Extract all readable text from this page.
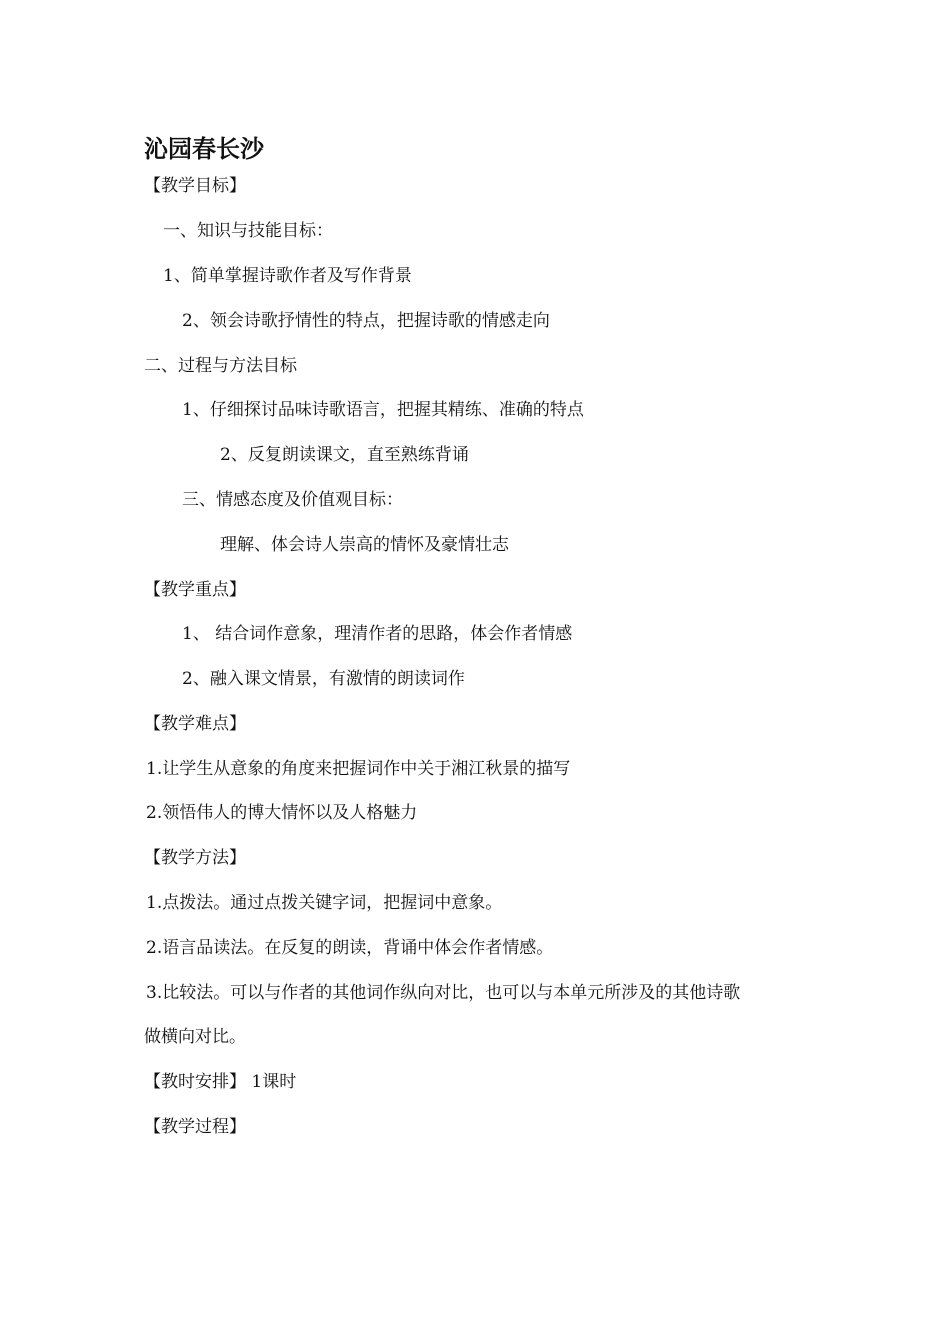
沁园春长沙
【教学目标】
一、知识与技能目标：
1、简单掌握诗歌作者及写作背景
2、领会诗歌抒情性的特点，把握诗歌的情感走向
二、过程与方法目标
1、仔细探讨品味诗歌语言，把握其精练、准确的特点
2、反复朗读课文，直至熟练背诵
三、情感态度及价值观目标：
理解、体会诗人崇高的情怀及豪情壮志
【教学重点】
1、 结合词作意象，理清作者的思路，体会作者情感
2、融入课文情景，有激情的朗读词作
【教学难点】
1.让学生从意象的角度来把握词作中关于湘江秋景的描写
2.领悟伟人的博大情怀以及人格魅力
【教学方法】
1.点拨法。通过点拨关键字词，把握词中意象。
2.语言品读法。在反复的朗读，背诵中体会作者情感。
3.比较法。可以与作者的其他词作纵向对比，也可以与本单元所涉及的其他诗歌
做横向对比。
【教时安排】 1课时
【教学过程】
